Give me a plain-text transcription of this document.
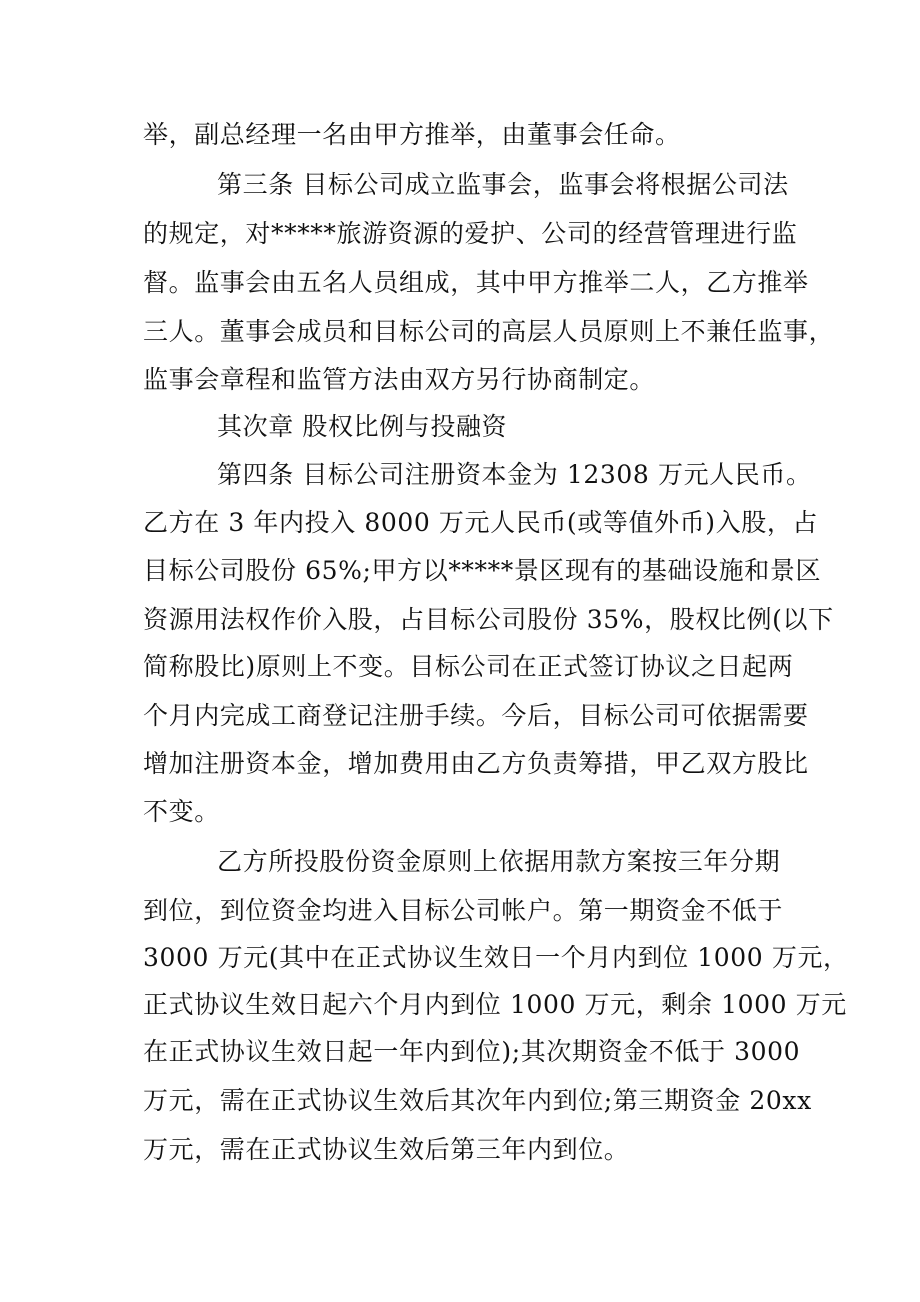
举，副总经理一名由甲方推举，由董事会任命。
第三条 目标公司成立监事会，监事会将根据公司法
的规定，对*****旅游资源的爱护、公司的经营管理进行监
督。监事会由五名人员组成，其中甲方推举二人，乙方推举
三人。董事会成员和目标公司的高层人员原则上不兼任监事，
监事会章程和监管方法由双方另行协商制定。
其次章 股权比例与投融资
第四条 目标公司注册资本金为 12308 万元人民币。
乙方在 3 年内投入 8000 万元人民币(或等值外币)入股，占
目标公司股份 65%;甲方以*****景区现有的基础设施和景区
资源用法权作价入股，占目标公司股份 35%，股权比例(以下
简称股比)原则上不变。目标公司在正式签订协议之日起两
个月内完成工商登记注册手续。今后，目标公司可依据需要
增加注册资本金，增加费用由乙方负责筹措，甲乙双方股比
不变。
乙方所投股份资金原则上依据用款方案按三年分期
到位，到位资金均进入目标公司帐户。第一期资金不低于
3000 万元(其中在正式协议生效日一个月内到位 1000 万元，
正式协议生效日起六个月内到位 1000 万元，剩余 1000 万元
在正式协议生效日起一年内到位);其次期资金不低于 3000
万元，需在正式协议生效后其次年内到位;第三期资金 20xx
万元，需在正式协议生效后第三年内到位。
